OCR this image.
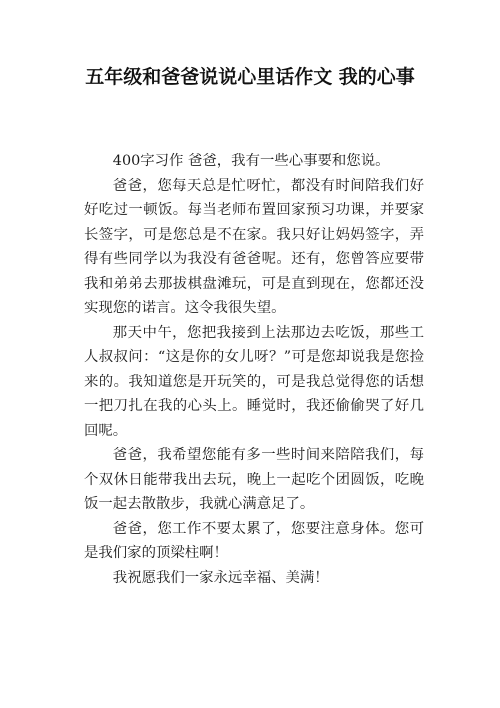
五年级和爸爸说说心里话作文 我的心事

400字习作 爸爸，我有一些心事要和您说。

爸爸，您每天总是忙呀忙，都没有时间陪我们好好吃过一顿饭。每当老师布置回家预习功课，并要家长签字，可是您总是不在家。我只好让妈妈签字，弄得有些同学以为我没有爸爸呢。还有，您曾答应要带我和弟弟去那拔棋盘滩玩，可是直到现在，您都还没实现您的诺言。这令我很失望。

那天中午，您把我接到上法那边去吃饭，那些工人叔叔问：“这是你的女儿呀？”可是您却说我是您捡来的。我知道您是开玩笑的，可是我总觉得您的话想一把刀扎在我的心头上。睡觉时，我还偷偷哭了好几回呢。

爸爸，我希望您能有多一些时间来陪陪我们，每个双休日能带我出去玩，晚上一起吃个团圆饭，吃晚饭一起去散散步，我就心满意足了。

爸爸，您工作不要太累了，您要注意身体。您可是我们家的顶梁柱啊！

我祝愿我们一家永远幸福、美满！
